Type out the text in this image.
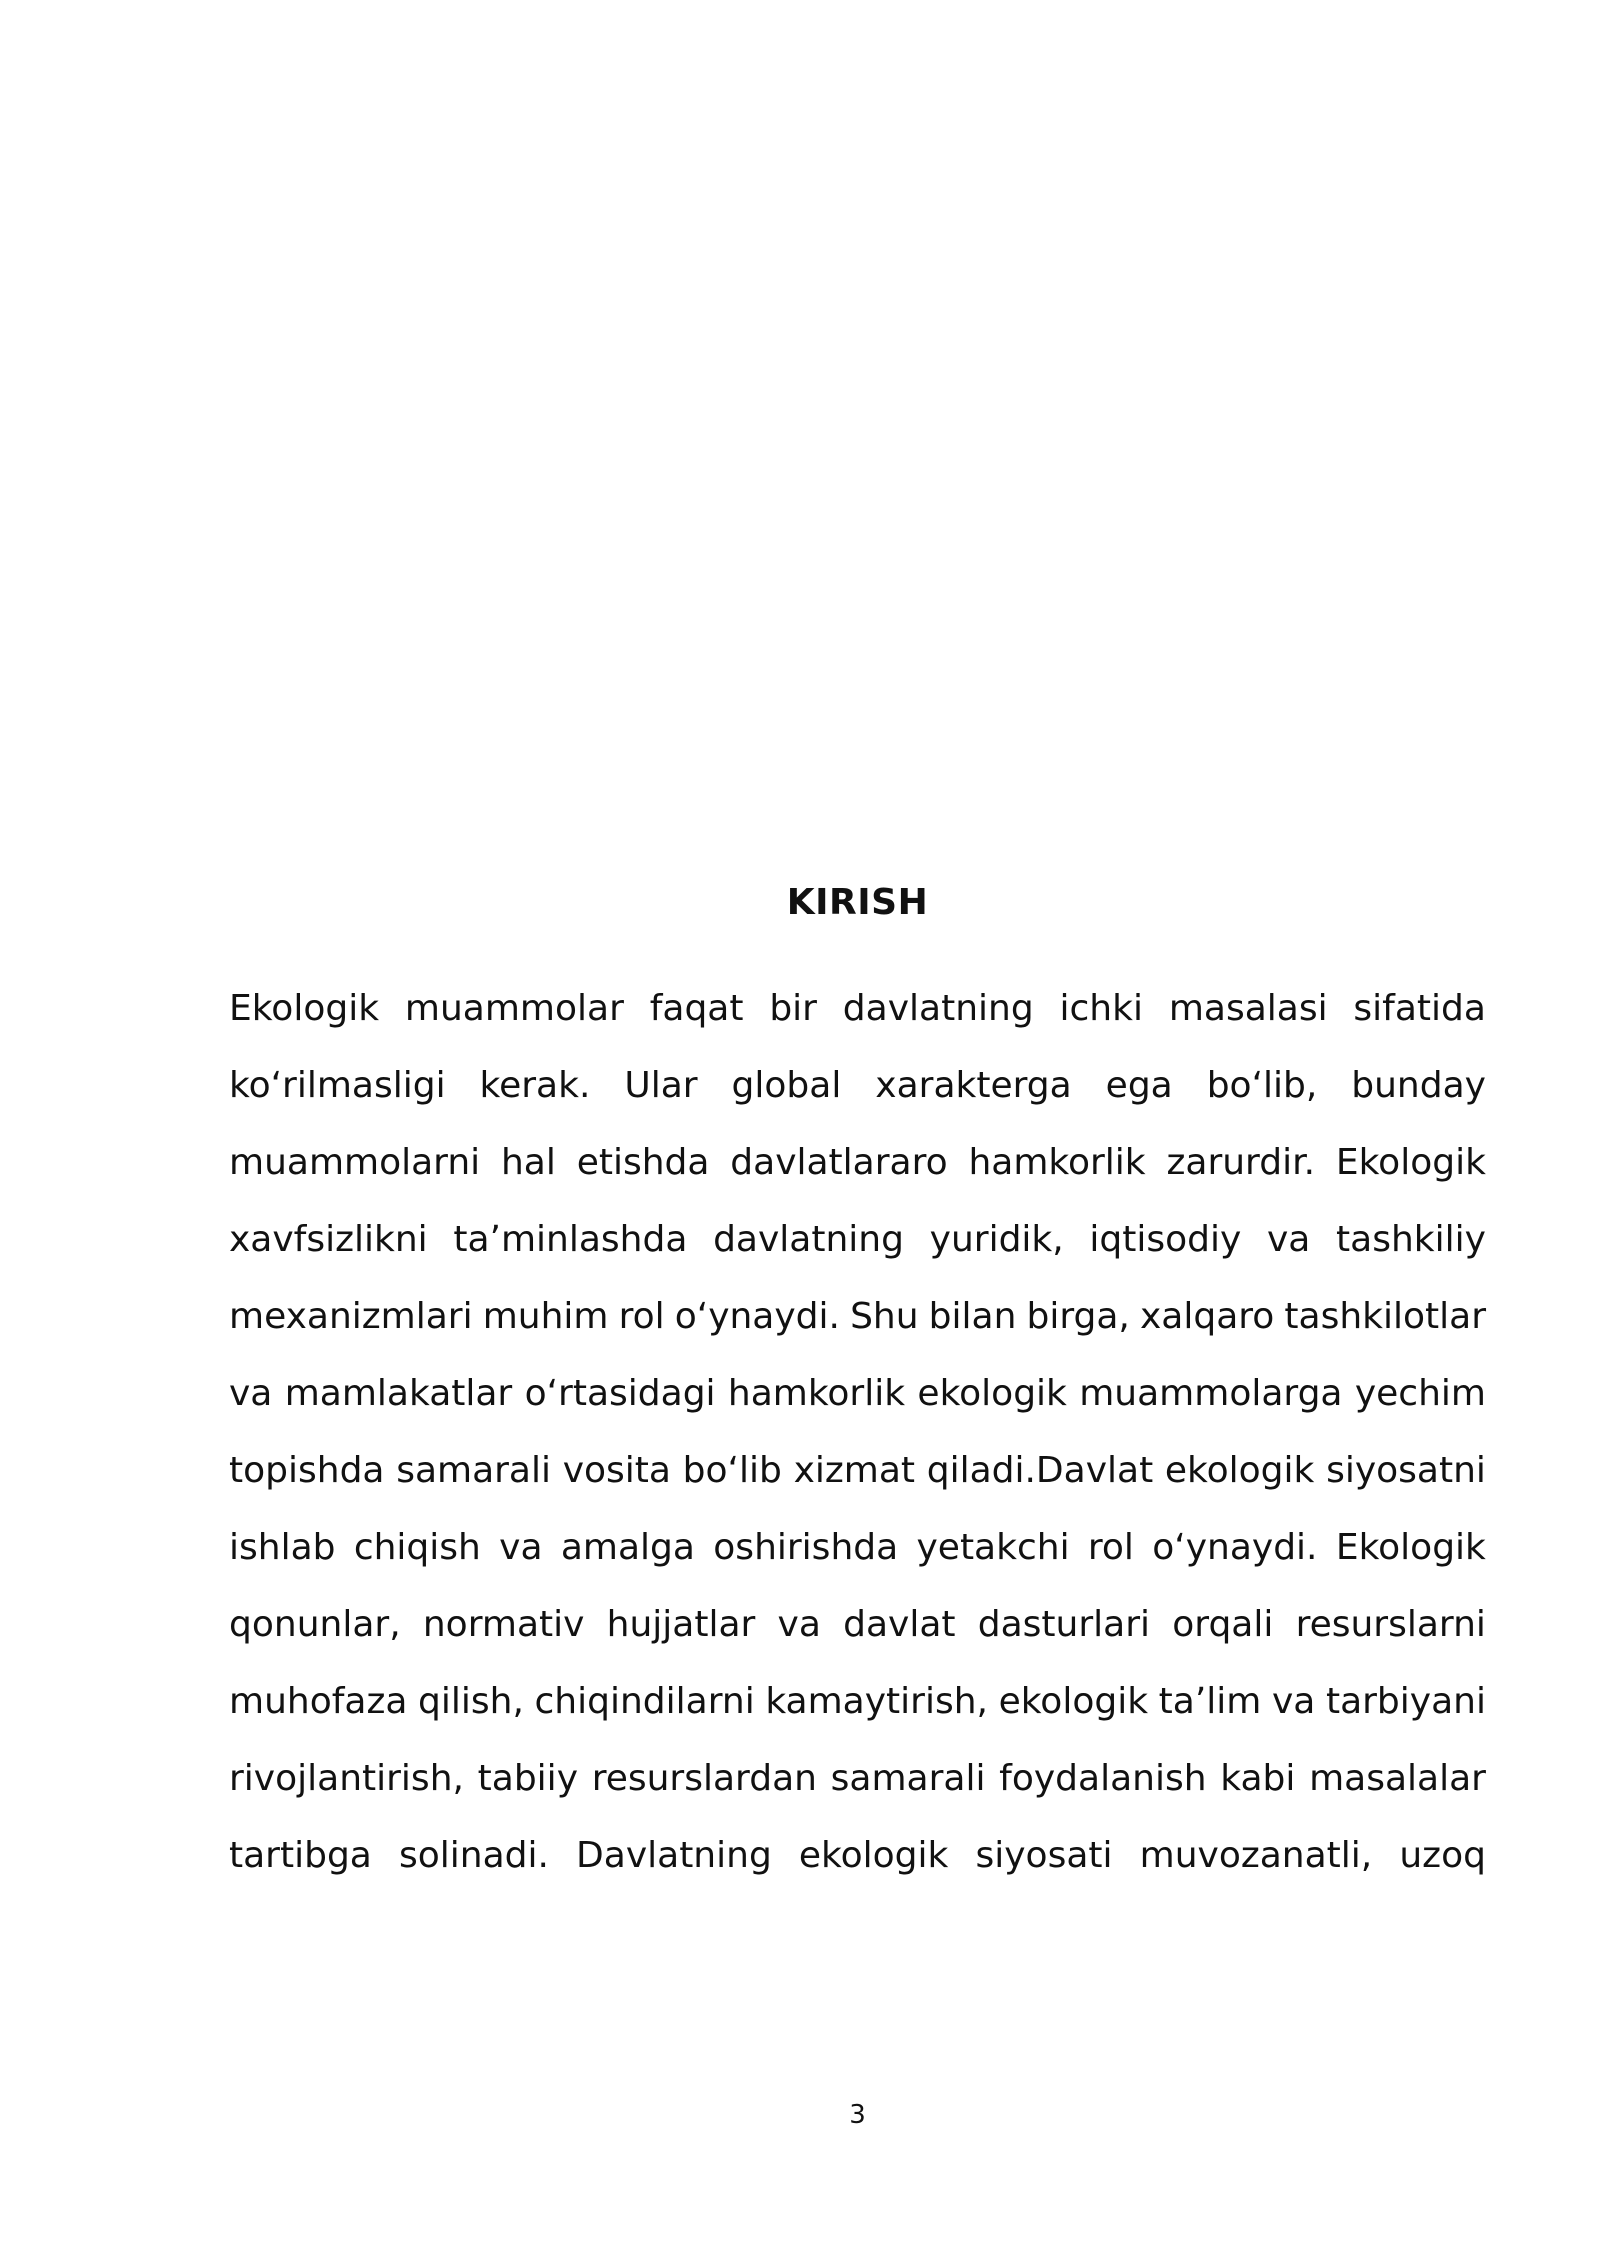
KIRISH
Ekologik muammolar faqat bir davlatning ichki masalasi sifatida
ko‘rilmasligi kerak. Ular global xarakterga ega bo‘lib, bunday
muammolarni hal etishda davlatlararo hamkorlik zarurdir. Ekologik
xavfsizlikni ta’minlashda davlatning yuridik, iqtisodiy va tashkiliy
mexanizmlari muhim rol o‘ynaydi. Shu bilan birga, xalqaro tashkilotlar
va mamlakatlar o‘rtasidagi hamkorlik ekologik muammolarga yechim
topishda samarali vosita bo‘lib xizmat qiladi.Davlat ekologik siyosatni
ishlab chiqish va amalga oshirishda yetakchi rol o‘ynaydi. Ekologik
qonunlar, normativ hujjatlar va davlat dasturlari orqali resurslarni
muhofaza qilish, chiqindilarni kamaytirish, ekologik ta’lim va tarbiyani
rivojlantirish, tabiiy resurslardan samarali foydalanish kabi masalalar
tartibga solinadi. Davlatning ekologik siyosati muvozanatli, uzoq
3
